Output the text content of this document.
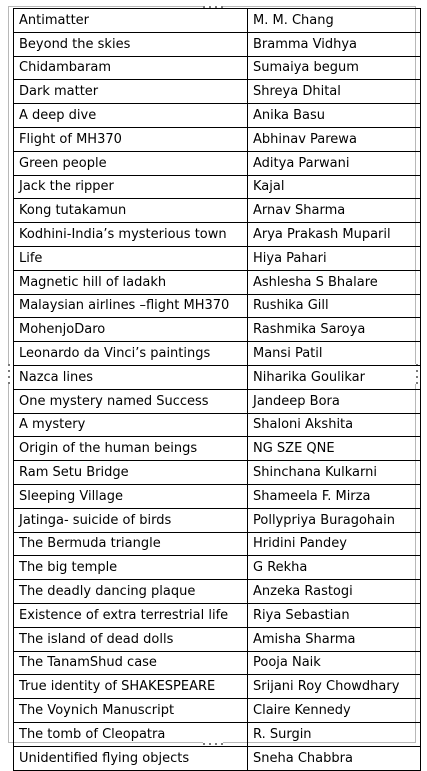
Antimatter	M. M. Chang
Beyond the skies	Bramma Vidhya
Chidambaram	Sumaiya begum
Dark matter	Shreya Dhital
A deep dive	Anika Basu
Flight of MH370	Abhinav Parewa
Green people	Aditya Parwani
Jack the ripper	Kajal
Kong tutakamun	Arnav Sharma
Kodhini-India’s mysterious town	Arya Prakash Muparil
Life	Hiya Pahari
Magnetic hill of ladakh	Ashlesha S Bhalare
Malaysian airlines –flight MH370	Rushika Gill
MohenjoDaro	Rashmika Saroya
Leonardo da Vinci’s paintings	Mansi Patil
Nazca lines	Niharika Goulikar
One mystery named Success	Jandeep Bora
A mystery	Shaloni Akshita
Origin of the human beings	NG SZE QNE
Ram Setu Bridge	Shinchana Kulkarni
Sleeping Village	Shameela F. Mirza
Jatinga- suicide of birds	Pollypriya Buragohain
The Bermuda triangle	Hridini Pandey
The big temple	G Rekha
The deadly dancing plaque	Anzeka Rastogi
Existence of extra terrestrial life	Riya Sebastian
The island of dead dolls	Amisha Sharma
The TanamShud case	Pooja Naik
True identity of SHAKESPEARE	Srijani Roy Chowdhary
The Voynich Manuscript	Claire Kennedy
The tomb of Cleopatra	R. Surgin
Unidentified flying objects	Sneha Chabbra
